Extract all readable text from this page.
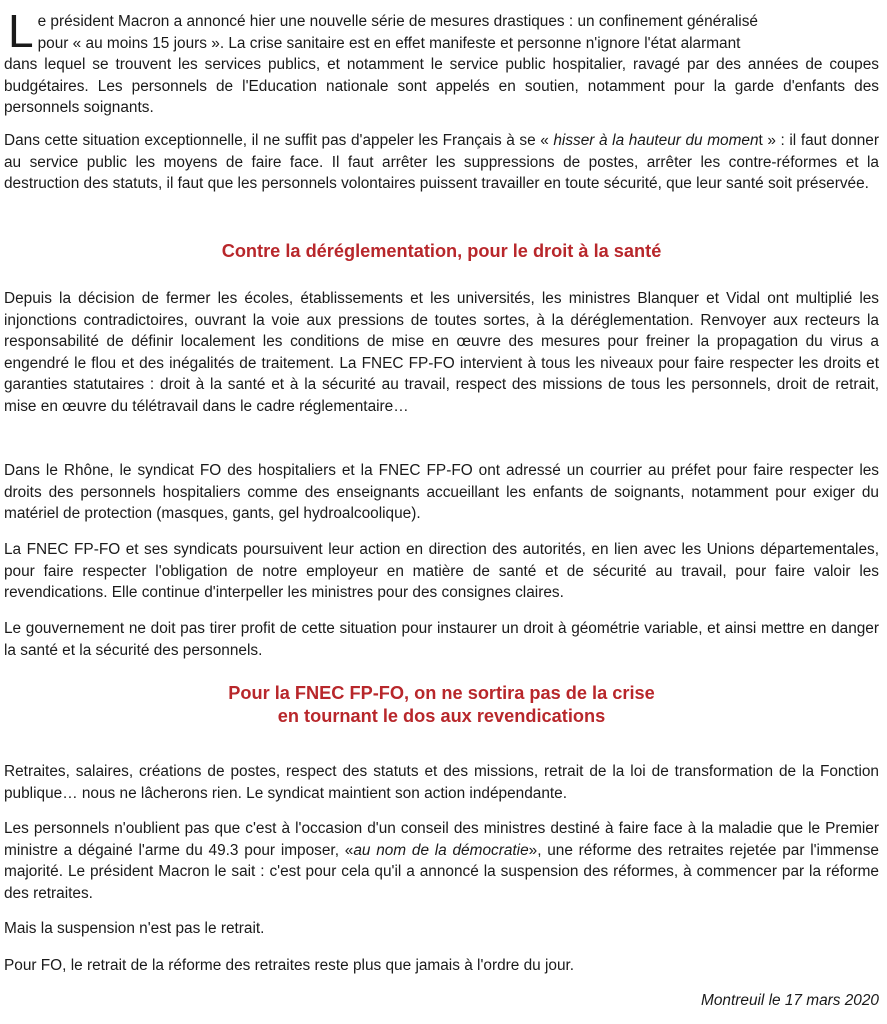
L e président Macron a annoncé hier une nouvelle série de mesures drastiques : un confinement généralisé
pour « au moins 15 jours ». La crise sanitaire est en effet manifeste et personne n'ignore l'état alarmant
dans lequel se trouvent les services publics, et notamment le service public hospitalier, ravagé par des années de coupes budgétaires. Les personnels de l'Education nationale sont appelés en soutien, notamment pour la garde d'enfants des personnels soignants.

Dans cette situation exceptionnelle, il ne suffit pas d'appeler les Français à se « hisser à la hauteur du moment » : il faut donner au service public les moyens de faire face. Il faut arrêter les suppressions de postes, arrêter les contre-réformes et la destruction des statuts, il faut que les personnels volontaires puissent travailler en toute sécurité, que leur santé soit préservée.

Contre la déréglementation, pour le droit à la santé

Depuis la décision de fermer les écoles, établissements et les universités, les ministres Blanquer et Vidal ont multiplié les injonctions contradictoires, ouvrant la voie aux pressions de toutes sortes, à la déréglementation. Renvoyer aux recteurs la responsabilité de définir localement les conditions de mise en œuvre des mesures pour freiner la propagation du virus a engendré le flou et des inégalités de traitement. La FNEC FP-FO intervient à tous les niveaux pour faire respecter les droits et garanties statutaires : droit à la santé et à la sécurité au travail, respect des missions de tous les personnels, droit de retrait, mise en œuvre du télétravail dans le cadre réglementaire…

Dans le Rhône, le syndicat FO des hospitaliers et la FNEC FP-FO ont adressé un courrier au préfet pour faire respecter les droits des personnels hospitaliers comme des enseignants accueillant les enfants de soignants, notamment pour exiger du matériel de protection (masques, gants, gel hydroalcoolique).

La FNEC FP-FO et ses syndicats poursuivent leur action en direction des autorités, en lien avec les Unions départementales, pour faire respecter l'obligation de notre employeur en matière de santé et de sécurité au travail, pour faire valoir les revendications. Elle continue d'interpeller les ministres pour des consignes claires.

Le gouvernement ne doit pas tirer profit de cette situation pour instaurer un droit à géométrie variable, et ainsi mettre en danger la santé et la sécurité des personnels.

Pour la FNEC FP-FO, on ne sortira pas de la crise
en tournant le dos aux revendications

Retraites, salaires, créations de postes, respect des statuts et des missions, retrait de la loi de transformation de la Fonction publique… nous ne lâcherons rien. Le syndicat maintient son action indépendante.

Les personnels n'oublient pas que c'est à l'occasion d'un conseil des ministres destiné à faire face à la maladie que le Premier ministre a dégainé l'arme du 49.3 pour imposer, «au nom de la démocratie», une réforme des retraites rejetée par l'immense majorité. Le président Macron le sait : c'est pour cela qu'il a annoncé la suspension des réformes, à commencer par la réforme des retraites.

Mais la suspension n'est pas le retrait.

Pour FO, le retrait de la réforme des retraites reste plus que jamais à l'ordre du jour.

Montreuil le 17 mars 2020
